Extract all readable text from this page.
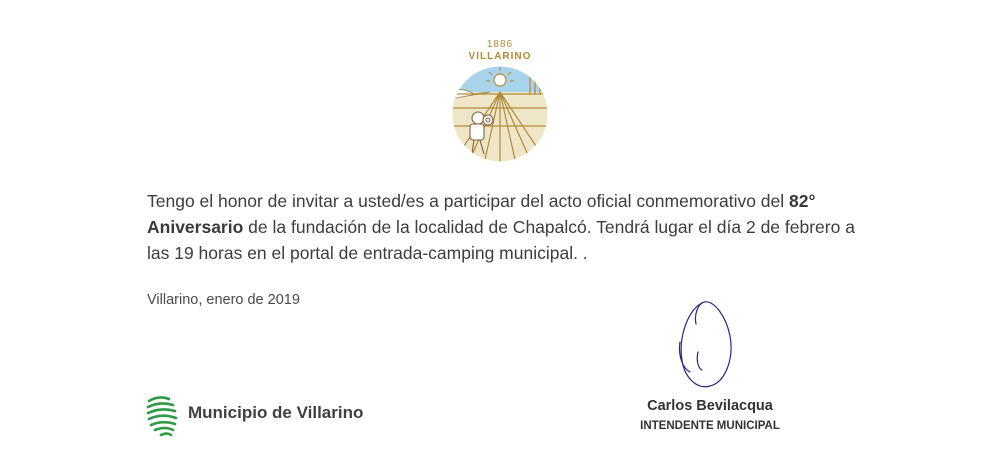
1886
VILLARINO
Tengo el honor de invitar a usted/es a participar del acto oficial conmemorativo del 82° Aniversario de la fundación de la localidad de Chapalcó. Tendrá lugar el día 2 de febrero a las 19 horas en el portal de entrada-camping municipal. .
Villarino, enero de 2019
Municipio de Villarino	Carlos Bevilacqua
INTENDENTE MUNICIPAL
